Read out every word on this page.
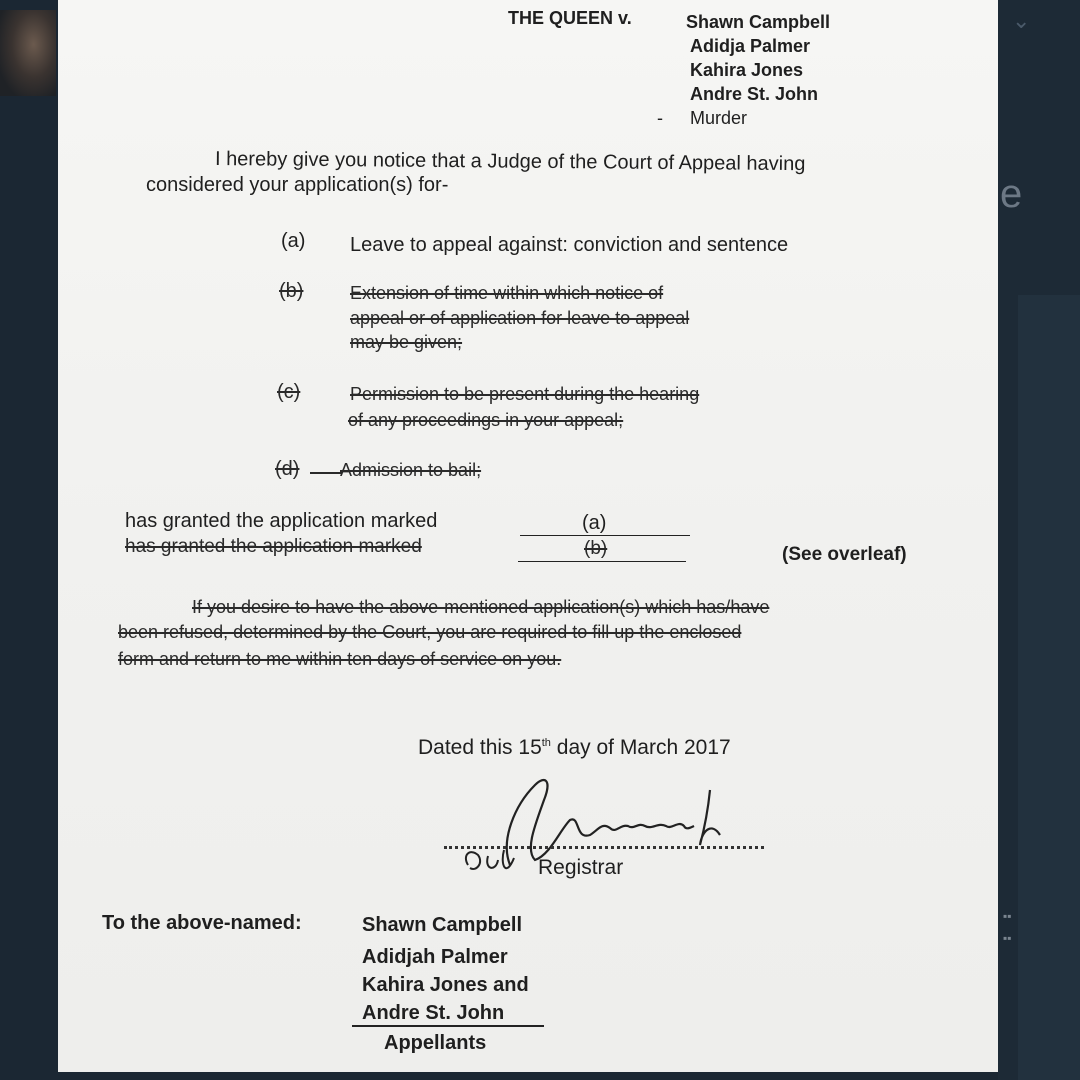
⌄
e
▪▪
▪▪
THE QUEEN v.	Shawn Campbell
Adidja Palmer
Kahira Jones
Andre St. John
- Murder
I hereby give you notice that a Judge of the Court of Appeal having
considered your application(s) for-
(a) Leave to appeal against: conviction and sentence
(b)	Extension of time within which notice of
appeal or of application for leave to appeal
may be given;
(c)	Permission to be present during the hearing
of any proceedings in your appeal;
(d) Admission to bail;
has granted the application marked	(a)
has granted the application marked	(b)	(See overleaf)
If you desire to have the above-mentioned application(s) which has/have
been refused, determined by the Court, you are required to fill up the enclosed
form and return to me within ten days of service on you.
Dated this 15th day of March 2017
Registrar
To the above-named:	Shawn Campbell
Adidjah Palmer
Kahira Jones and
Andre St. John
Appellants
